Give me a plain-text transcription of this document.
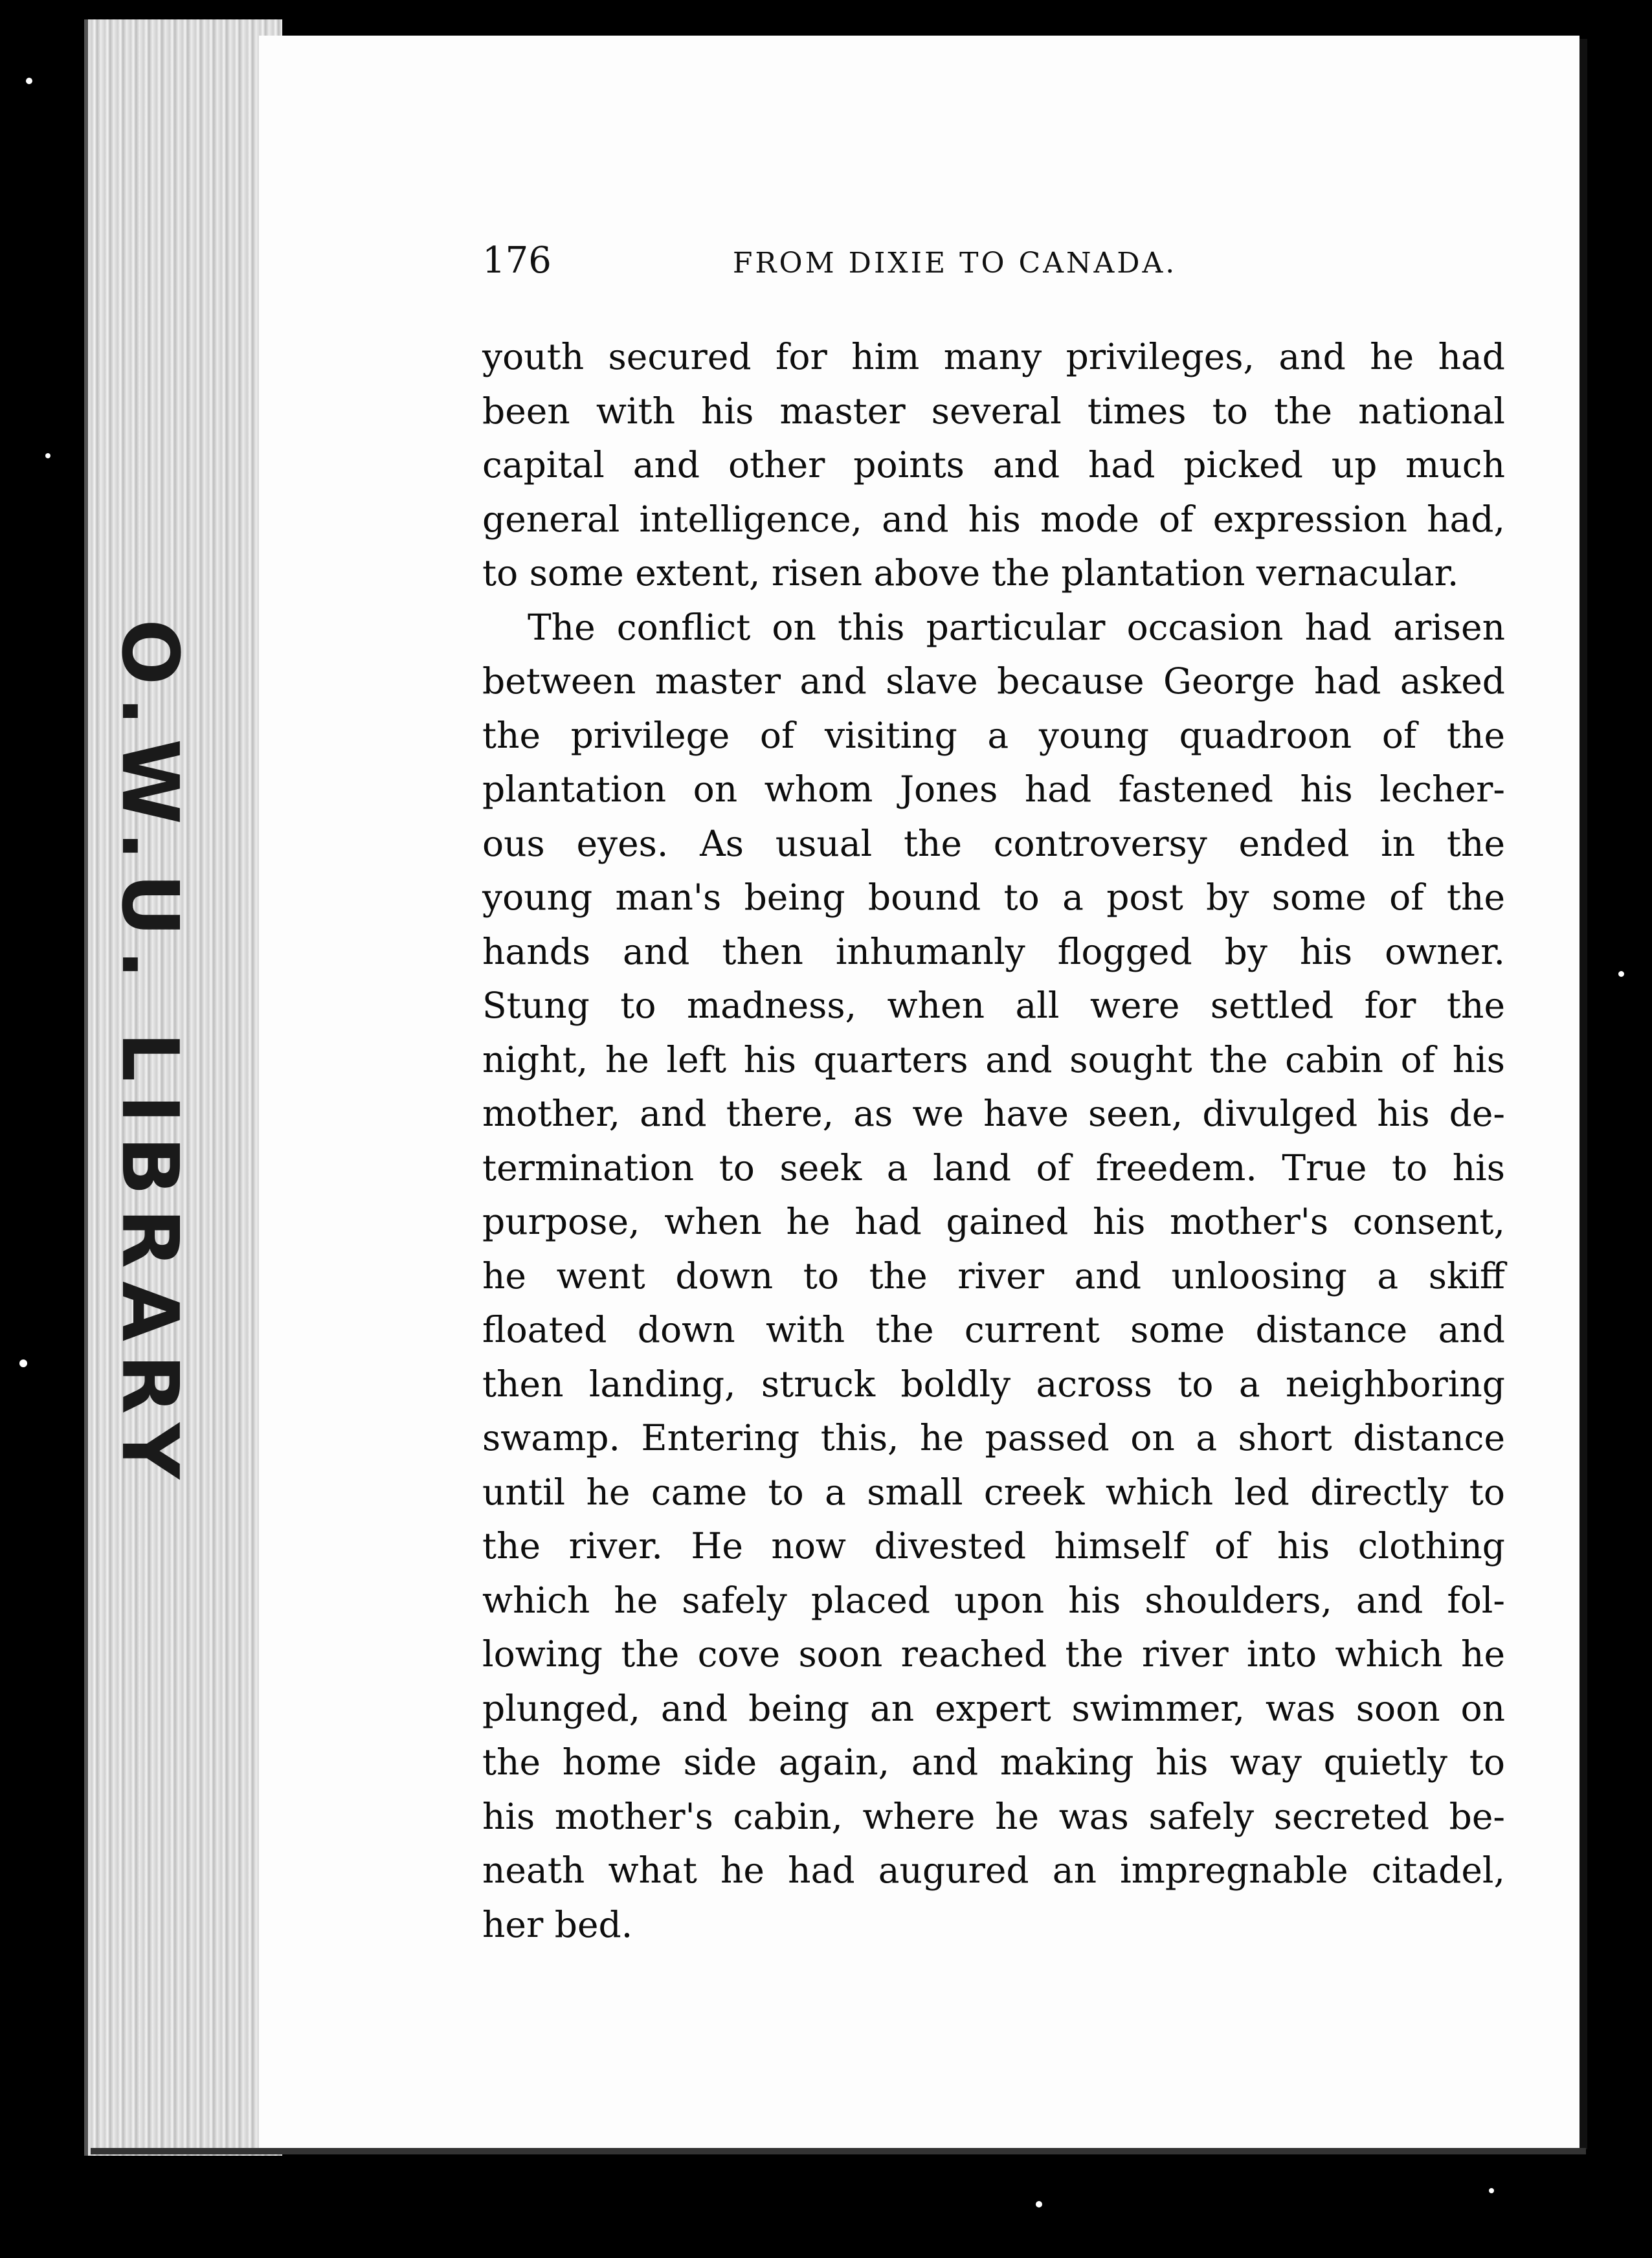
O.W.U. LIBRARY
176	FROM DIXIE TO CANADA.
youth secured for him many privileges, and he had
been with his master several times to the national
capital and other points and had picked up much
general intelligence, and his mode of expression had,
to some extent, risen above the plantation vernacular.
The conflict on this particular occasion had arisen
between master and slave because George had asked
the privilege of visiting a young quadroon of the
plantation on whom Jones had fastened his lecher-
ous eyes. As usual the controversy ended in the
young man's being bound to a post by some of the
hands and then inhumanly flogged by his owner.
Stung to madness, when all were settled for the
night, he left his quarters and sought the cabin of his
mother, and there, as we have seen, divulged his de-
termination to seek a land of freedem. True to his
purpose, when he had gained his mother's consent,
he went down to the river and unloosing a skiff
floated down with the current some distance and
then landing, struck boldly across to a neighboring
swamp. Entering this, he passed on a short distance
until he came to a small creek which led directly to
the river. He now divested himself of his clothing
which he safely placed upon his shoulders, and fol-
lowing the cove soon reached the river into which he
plunged, and being an expert swimmer, was soon on
the home side again, and making his way quietly to
his mother's cabin, where he was safely secreted be-
neath what he had augured an impregnable citadel,
her bed.
